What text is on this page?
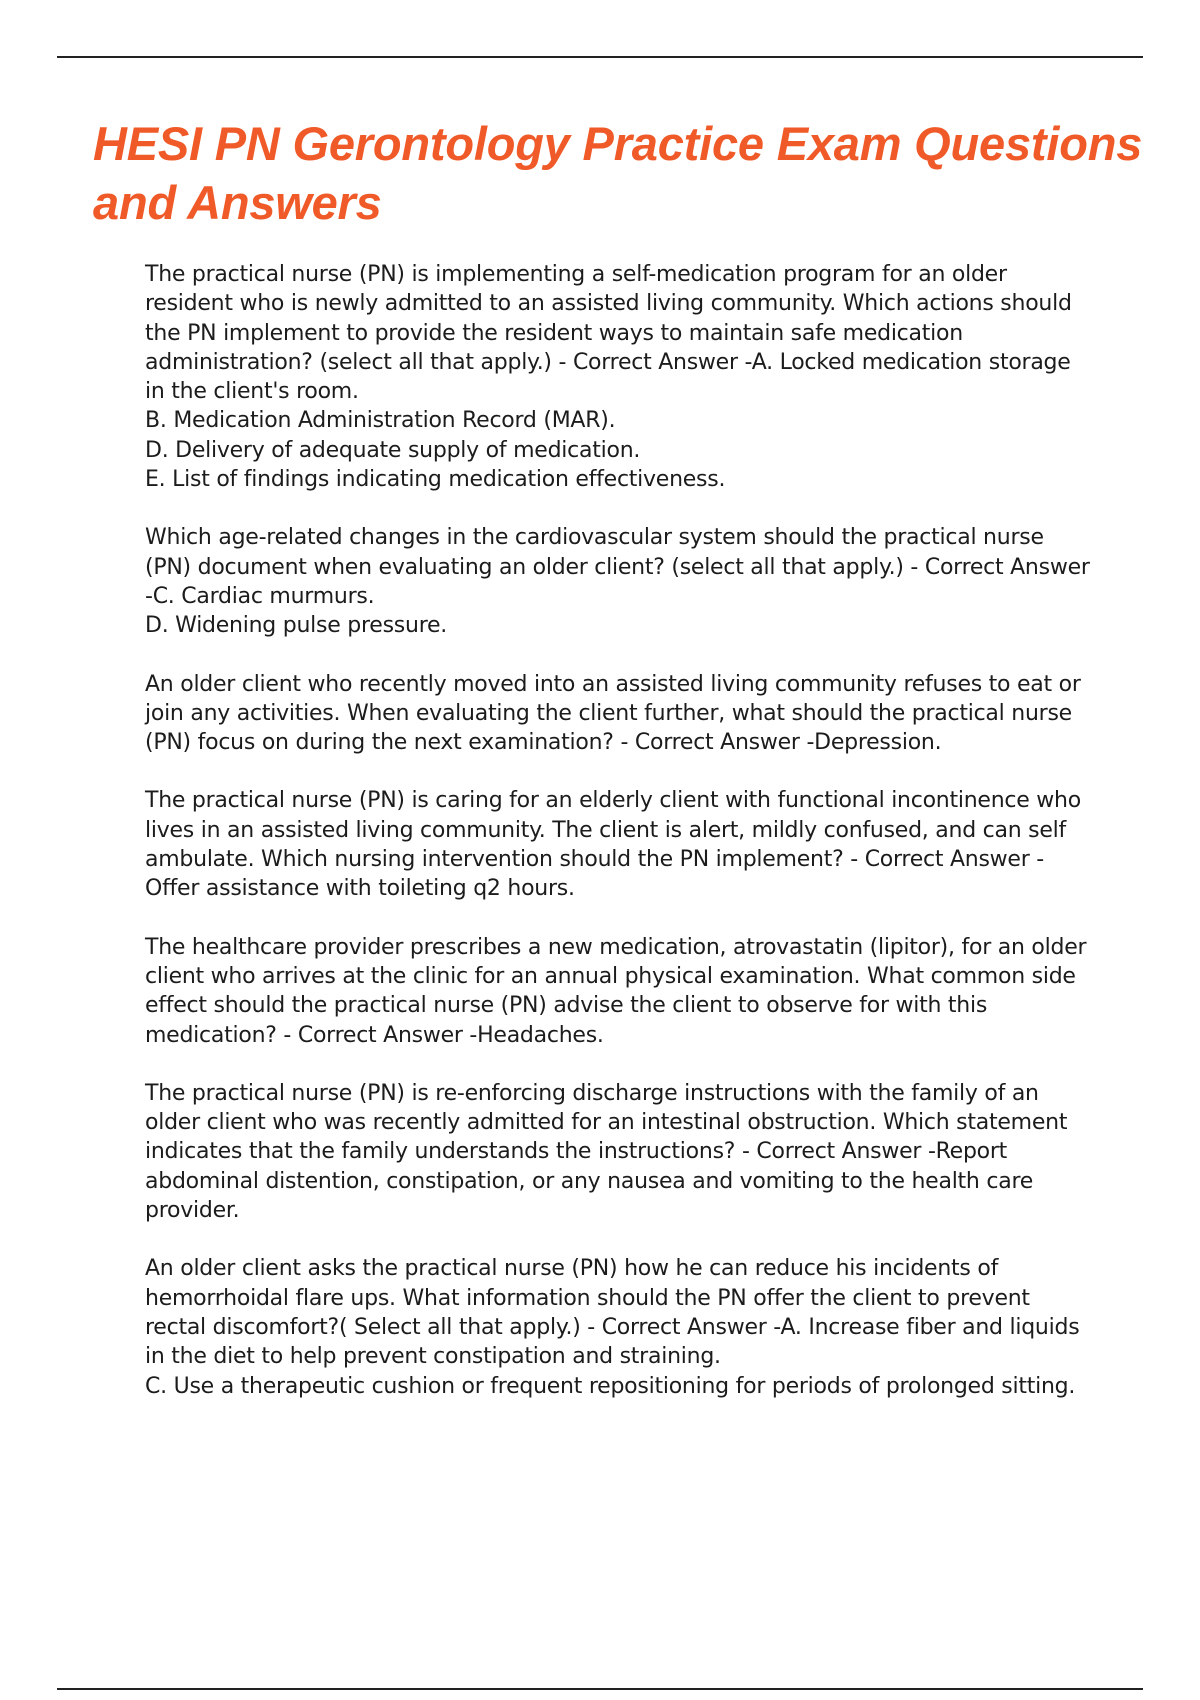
HESI PN Gerontology Practice Exam Questions and Answers

The practical nurse (PN) is implementing a self-medication program for an older resident who is newly admitted to an assisted living community. Which actions should the PN implement to provide the resident ways to maintain safe medication administration? (select all that apply.) - Correct Answer -A. Locked medication storage in the client's room.

B. Medication Administration Record (MAR).

D. Delivery of adequate supply of medication.

E. List of findings indicating medication effectiveness.

Which age-related changes in the cardiovascular system should the practical nurse (PN) document when evaluating an older client? (select all that apply.) - Correct Answer -C. Cardiac murmurs.

D. Widening pulse pressure.

An older client who recently moved into an assisted living community refuses to eat or join any activities. When evaluating the client further, what should the practical nurse (PN) focus on during the next examination? - Correct Answer -Depression.

The practical nurse (PN) is caring for an elderly client with functional incontinence who lives in an assisted living community. The client is alert, mildly confused, and can self ambulate. Which nursing intervention should the PN implement? - Correct Answer -Offer assistance with toileting q2 hours.

The healthcare provider prescribes a new medication, atrovastatin (lipitor), for an older client who arrives at the clinic for an annual physical examination. What common side effect should the practical nurse (PN) advise the client to observe for with this medication? - Correct Answer -Headaches.

The practical nurse (PN) is re-enforcing discharge instructions with the family of an older client who was recently admitted for an intestinal obstruction. Which statement indicates that the family understands the instructions? - Correct Answer -Report abdominal distention, constipation, or any nausea and vomiting to the health care provider.

An older client asks the practical nurse (PN) how he can reduce his incidents of hemorrhoidal flare ups. What information should the PN offer the client to prevent rectal discomfort?( Select all that apply.) - Correct Answer -A. Increase fiber and liquids in the diet to help prevent constipation and straining.

C. Use a therapeutic cushion or frequent repositioning for periods of prolonged sitting.
